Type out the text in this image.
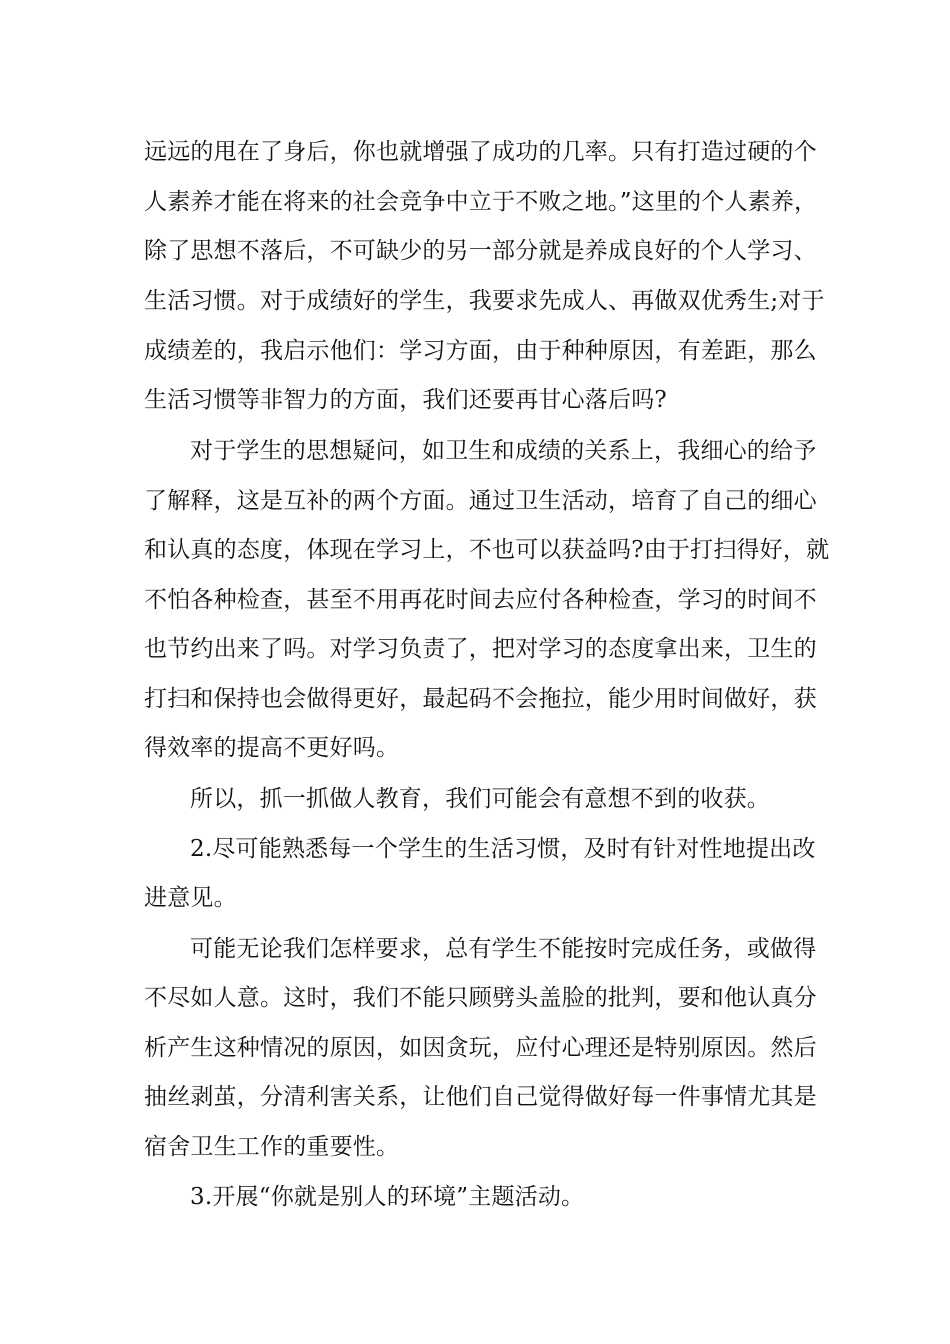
远远的甩在了身后，你也就增强了成功的几率。只有打造过硬的个
人素养才能在将来的社会竞争中立于不败之地。”这里的个人素养，
除了思想不落后，不可缺少的另一部分就是养成良好的个人学习、
生活习惯。对于成绩好的学生，我要求先成人、再做双优秀生;对于
成绩差的，我启示他们：学习方面，由于种种原因，有差距，那么
生活习惯等非智力的方面，我们还要再甘心落后吗?
对于学生的思想疑问，如卫生和成绩的关系上，我细心的给予
了解释，这是互补的两个方面。通过卫生活动，培育了自己的细心
和认真的态度，体现在学习上，不也可以获益吗?由于打扫得好，就
不怕各种检查，甚至不用再花时间去应付各种检查，学习的时间不
也节约出来了吗。对学习负责了，把对学习的态度拿出来，卫生的
打扫和保持也会做得更好，最起码不会拖拉，能少用时间做好，获
得效率的提高不更好吗。
所以，抓一抓做人教育，我们可能会有意想不到的收获。
2.尽可能熟悉每一个学生的生活习惯，及时有针对性地提出改
进意见。
可能无论我们怎样要求，总有学生不能按时完成任务，或做得
不尽如人意。这时，我们不能只顾劈头盖脸的批判，要和他认真分
析产生这种情况的原因，如因贪玩，应付心理还是特别原因。然后
抽丝剥茧，分清利害关系，让他们自己觉得做好每一件事情尤其是
宿舍卫生工作的重要性。
3.开展“你就是别人的环境”主题活动。
